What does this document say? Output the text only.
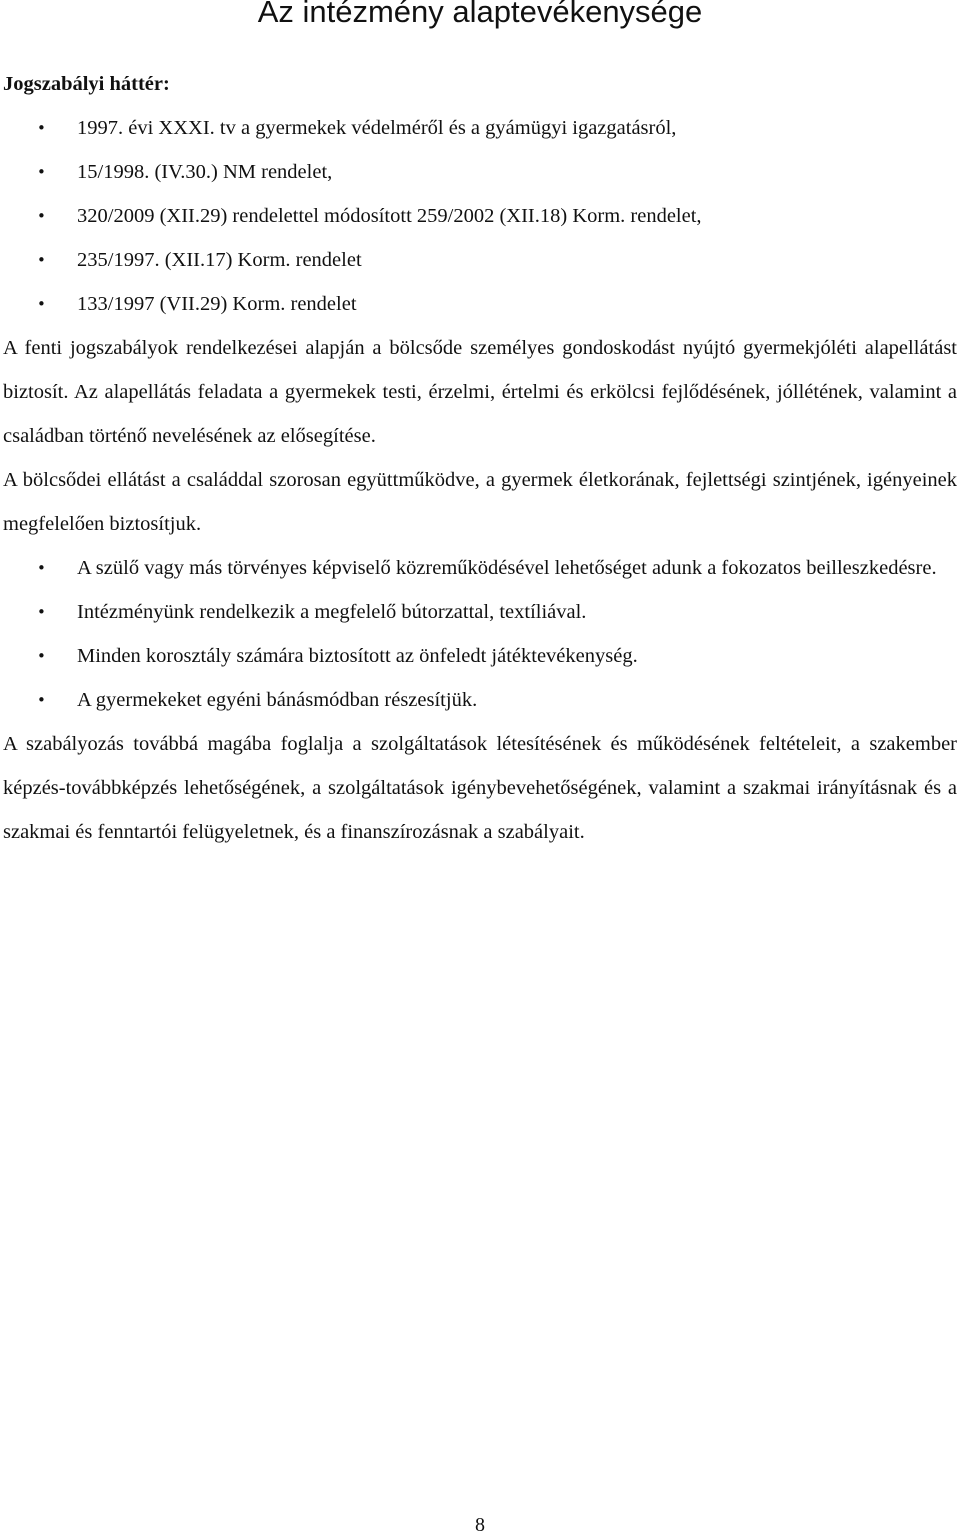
Az intézmény alaptevékenysége

Jogszabályi háttér:

• 1997. évi XXXI. tv a gyermekek védelméről és a gyámügyi igazgatásról,
• 15/1998. (IV.30.) NM rendelet,
• 320/2009 (XII.29) rendelettel módosított 259/2002 (XII.18) Korm. rendelet,
• 235/1997. (XII.17) Korm. rendelet
• 133/1997 (VII.29) Korm. rendelet

A fenti jogszabályok rendelkezései alapján a bölcsőde személyes gondoskodást nyújtó gyermekjóléti alapellátást biztosít. Az alapellátás feladata a gyermekek testi, érzelmi, értelmi és erkölcsi fejlődésének, jóllétének, valamint a családban történő nevelésének az elősegítése.

A bölcsődei ellátást a családdal szorosan együttműködve, a gyermek életkorának, fejlettségi szintjének, igényeinek megfelelően biztosítjuk.

• A szülő vagy más törvényes képviselő közreműködésével lehetőséget adunk a fokozatos beilleszkedésre.
• Intézményünk rendelkezik a megfelelő bútorzattal, textíliával.
• Minden korosztály számára biztosított az önfeledt játéktevékenység.
• A gyermekeket egyéni bánásmódban részesítjük.

A szabályozás továbbá magába foglalja a szolgáltatások létesítésének és működésének feltételeit, a szakember képzés-továbbképzés lehetőségének, a szolgáltatások igénybevehetőségének, valamint a szakmai irányításnak és a szakmai és fenntartói felügyeletnek, és a finanszírozásnak a szabályait.

8
